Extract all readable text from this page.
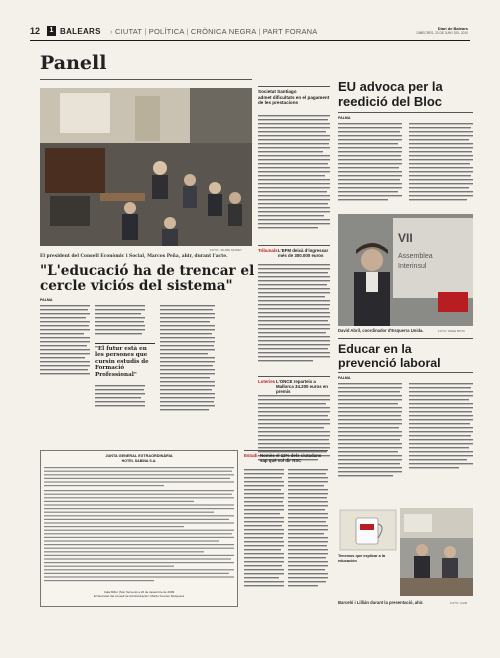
12	1 BALEARS › CIUTAT | POLÍTICA | CRÒNICA NEGRA | PART FORANA	Diari de Balears
DIMECRES, 23 DE JUNY DEL 2010
Panell
FOTO: JAUME MOREY
El president del Consell Econòmic i Social, Marcos Peña, ahir, durant l'acte.
"L'educació ha de trencar el cercle viciós del sistema"
PALMA
"El futur està en les persones que cursin estudis de Formació Professional"
Societat Santiago
admet dificultats en el pagament de les prestacions
Tribunals L'EFM deixà d'ingressar més de 300.000 euros
Loteries L'ONCE reparteix a Mallorca 34.200 euros en premis
JUNTA GENERAL EXTRAORDINÀRIA
HOTEL SABINA S.A.
Cala Millor (Son Servera) a 22 de desembre de 2009
El Secretari del consell de Administración: Martin Kosmer Mosquera
Estudi Nomès el 12% dels ciutadans sap què vol dir RSC
EU advoca per la reedició del Bloc
PALMA
VII
Assemblea
Interinsul
David Abril, coordinador d'Esquerra Unida.	FOTO: PERE BOTA
Educar en la prevenció laboral
PALMA
Tenemos que explicar a la educación
Barceló i Lillián durant la presentació, ahir.	FOTO: CAIB
